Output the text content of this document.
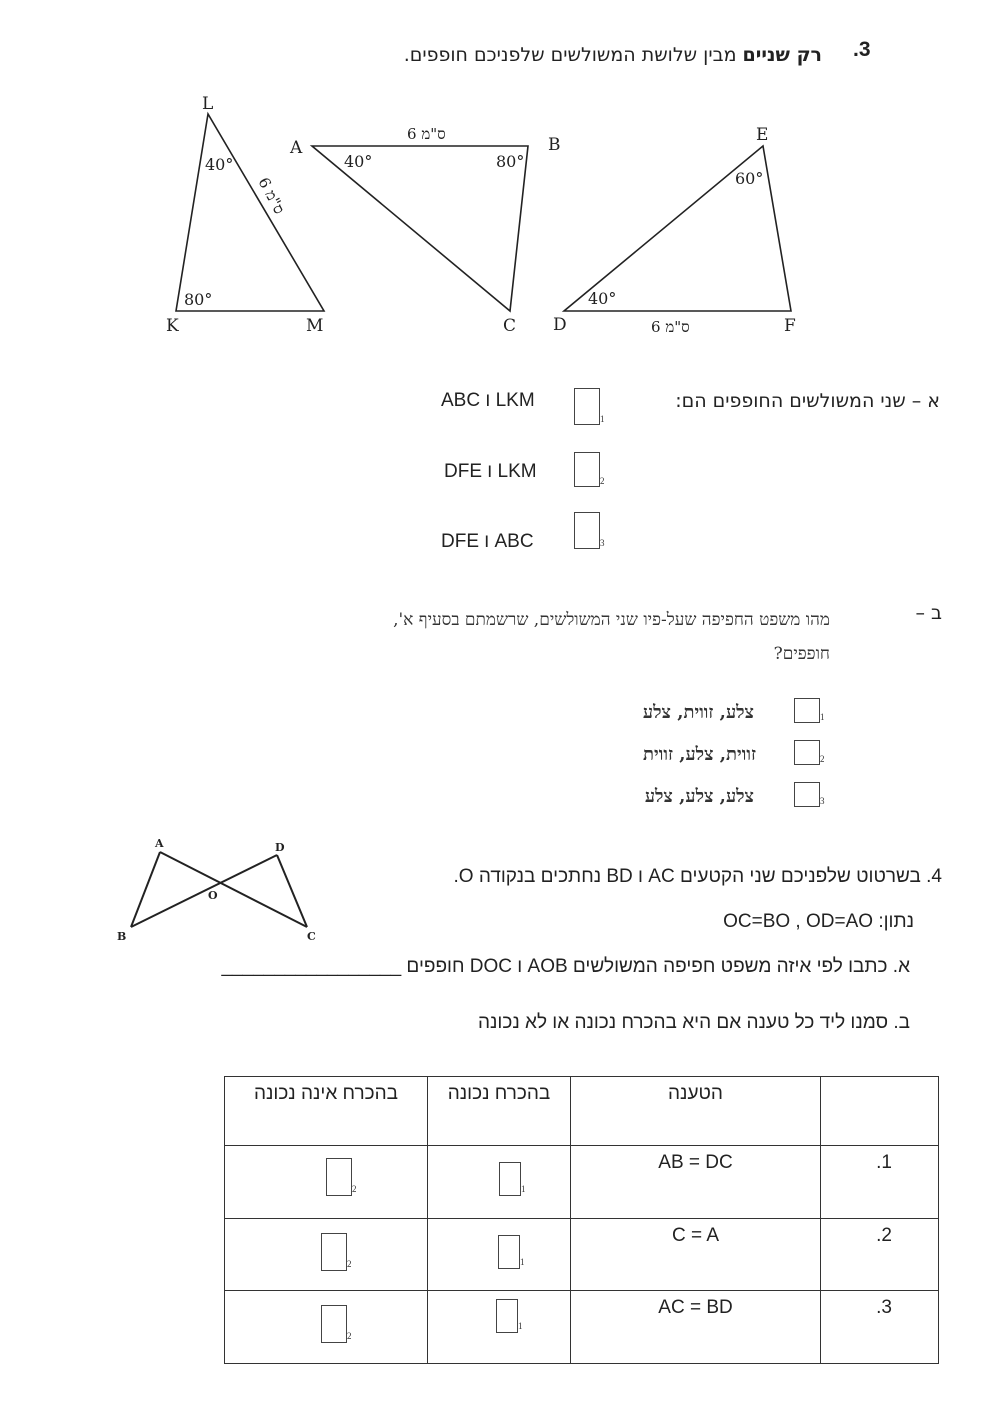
.3
רק שניים מבין שלושת המשולשים שלפניכם חופפים.
L
K	M
40°
80°
6 ס"מ
A	B
C
40°	80°
6 ס"מ	E
D	F
60°
40°
6 ס"מ
א – שני המשולשים החופפים הם:
ABC ו LKM
1
DFE ו LKM	2
DFE ו ABC	3
ב –
מהו משפט החפיפה שעל-פיו שני המשולשים, שרשמתם בסעיף א',
חופפים?
צלע, זווית, צלע	1
זווית, צלע, זווית	2
צלע, צלע, צלע	3
A	D
O
B	C
4. בשרטוט שלפניכם שני הקטעים AC ו BD נחתכים בנקודה O.
נתון: OC=BO , OD=AO
א. כתבו לפי איזה משפט חפיפה המשולשים AOB ו DOC חופפים _________________
ב. סמנו ליד כל טענה אם היא בהכרח נכונה או לא נכונה
בהכרח אינה נכונה	בהכרח נכונה	הטענה	

2	1	AB = DC	.1

2	1	C = A	.2

2	1	AC = BD	.3
